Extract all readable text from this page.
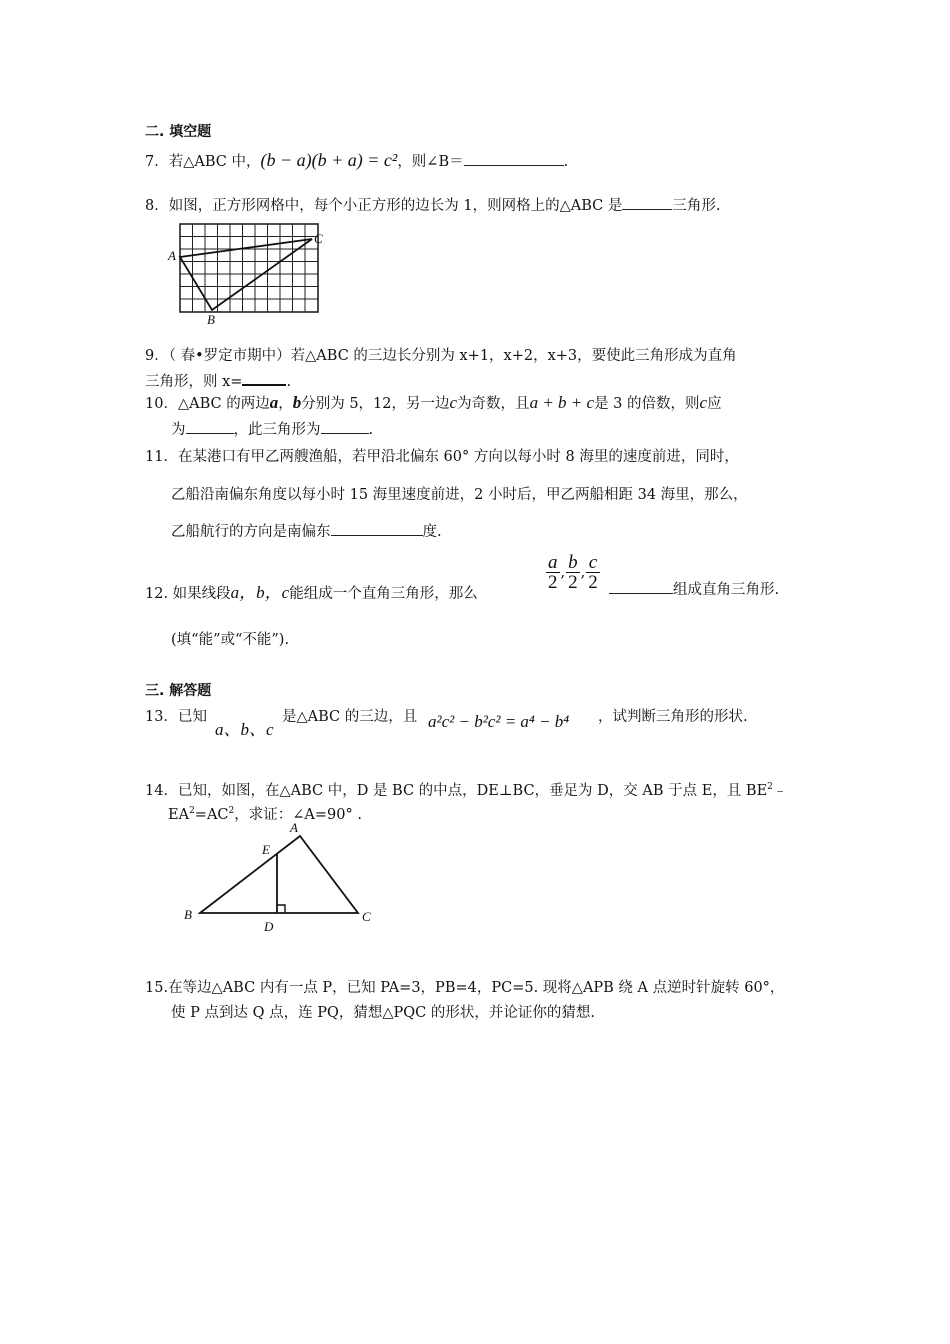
二. 填空题
7．若△ABC 中，(b − a)(b + a) = c²，则∠B＝	.
8．如图，正方形网格中，每个小正方形的边长为 1，则网格上的△ABC 是	三角形.
A
C
B
9．（ 春•罗定市期中）若△ABC 的三边长分别为 x+1，x+2，x+3，要使此三角形成为直角
三角形，则 x=	.
10．△ABC 的两边a，b分别为 5，12，另一边c为奇数，且a + b + c是 3 的倍数，则c应
为	，此三角形为	.
11．在某港口有甲乙两艘渔船，若甲沿北偏东 60° 方向以每小时 8 海里的速度前进，同时，
乙船沿南偏东角度以每小时 15 海里速度前进，2 小时后，甲乙两船相距 34 海里，那么，
乙船航行的方向是南偏东	度.
12. 如果线段a，b，c能组成一个直角三角形，那么
$\frac{a}{2}$ , $\frac{b}{2}$ , $\frac{c}{2}$	组成直角三角形.
(填“能”或“不能”).
三. 解答题
13．已知
a、b、c
是△ABC 的三边，且 a²c² − b²c² = a⁴ − b⁴ ，试判断三角形的形状.
14．已知，如图，在△ABC 中，D 是 BC 的中点，DE⊥BC，垂足为 D，交 AB 于点 E，且 $BE^2﹣$
$EA^2=AC^2$，求证：∠A=90° .
A
E
B
D
C
15.在等边△ABC 内有一点 P，已知 PA=3，PB=4，PC=5. 现将△APB 绕 A 点逆时针旋转 60°，
使 P 点到达 Q 点，连 PQ，猜想△PQC 的形状，并论证你的猜想.
